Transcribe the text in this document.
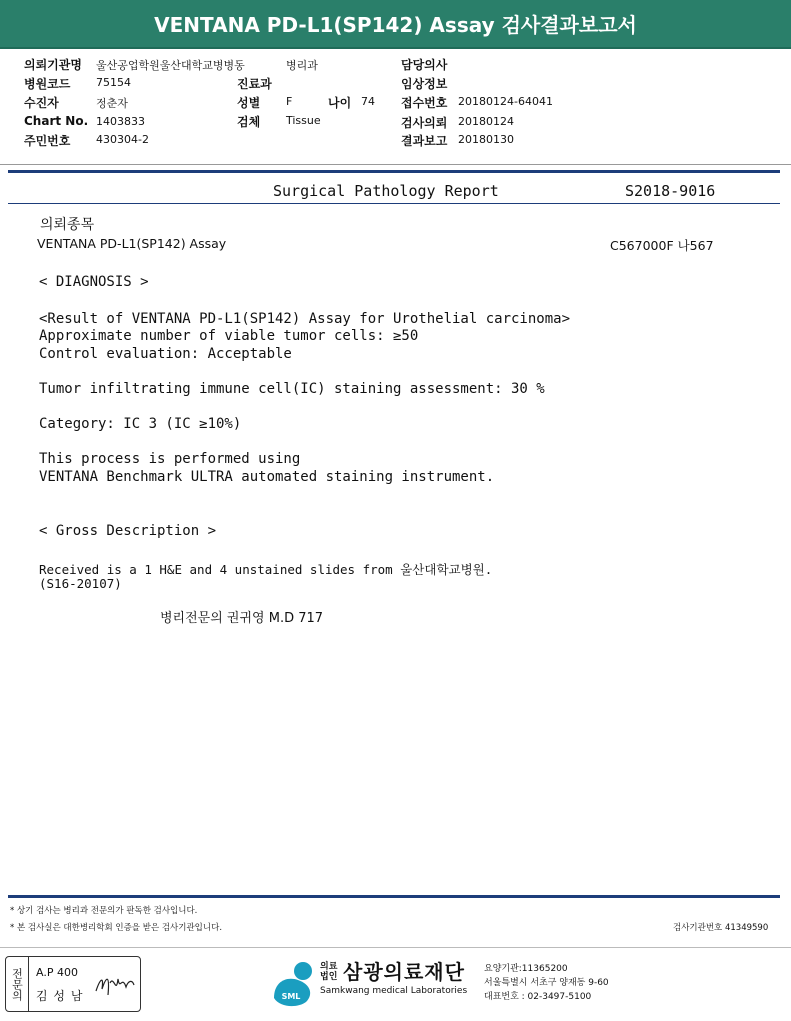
VENTANA PD-L1(SP142) Assay 검사결과보고서
의뢰기관명 울산공업학원울산대학교병병동	병리과	담당의사
병원코드 75154	진료과	임상정보
수진자	정춘자	성별 F	나이 74 접수번호 20180124-64041
Chart No. 1403833	검체 Tissue	검사의뢰 20180124
주민번호 430304-2	결과보고 20180130
Surgical Pathology Report	S2018-9016
의뢰종목
VENTANA PD-L1(SP142) Assay	C567000F 나567
< DIAGNOSIS >
<Result of VENTANA PD-L1(SP142) Assay for Urothelial carcinoma>
Approximate number of viable tumor cells: ≥50
Control evaluation: Acceptable
Tumor infiltrating immune cell(IC) staining assessment: 30 %
Category: IC 3 (IC ≥10%)
This process is performed using
VENTANA Benchmark ULTRA automated staining instrument.
< Gross Description >
Received is a 1 H&E and 4 unstained slides from 울산대학교병원.
(S16-20107)
병리전문의 권귀영 M.D 717
* 상기 검사는 병리과 전문의가 판독한 검사입니다.
* 본 검사실은 대한병리학회 인증을 받은 검사기관입니다.	검사기관번호 41349590
전문의 A.P 400
김 성 남	SML
의료
법인 삼광의료재단
Samkwang medical Laboratories
요양기관:11365200
서울특별시 서초구 양재동 9-60
대표번호 : 02-3497-5100
